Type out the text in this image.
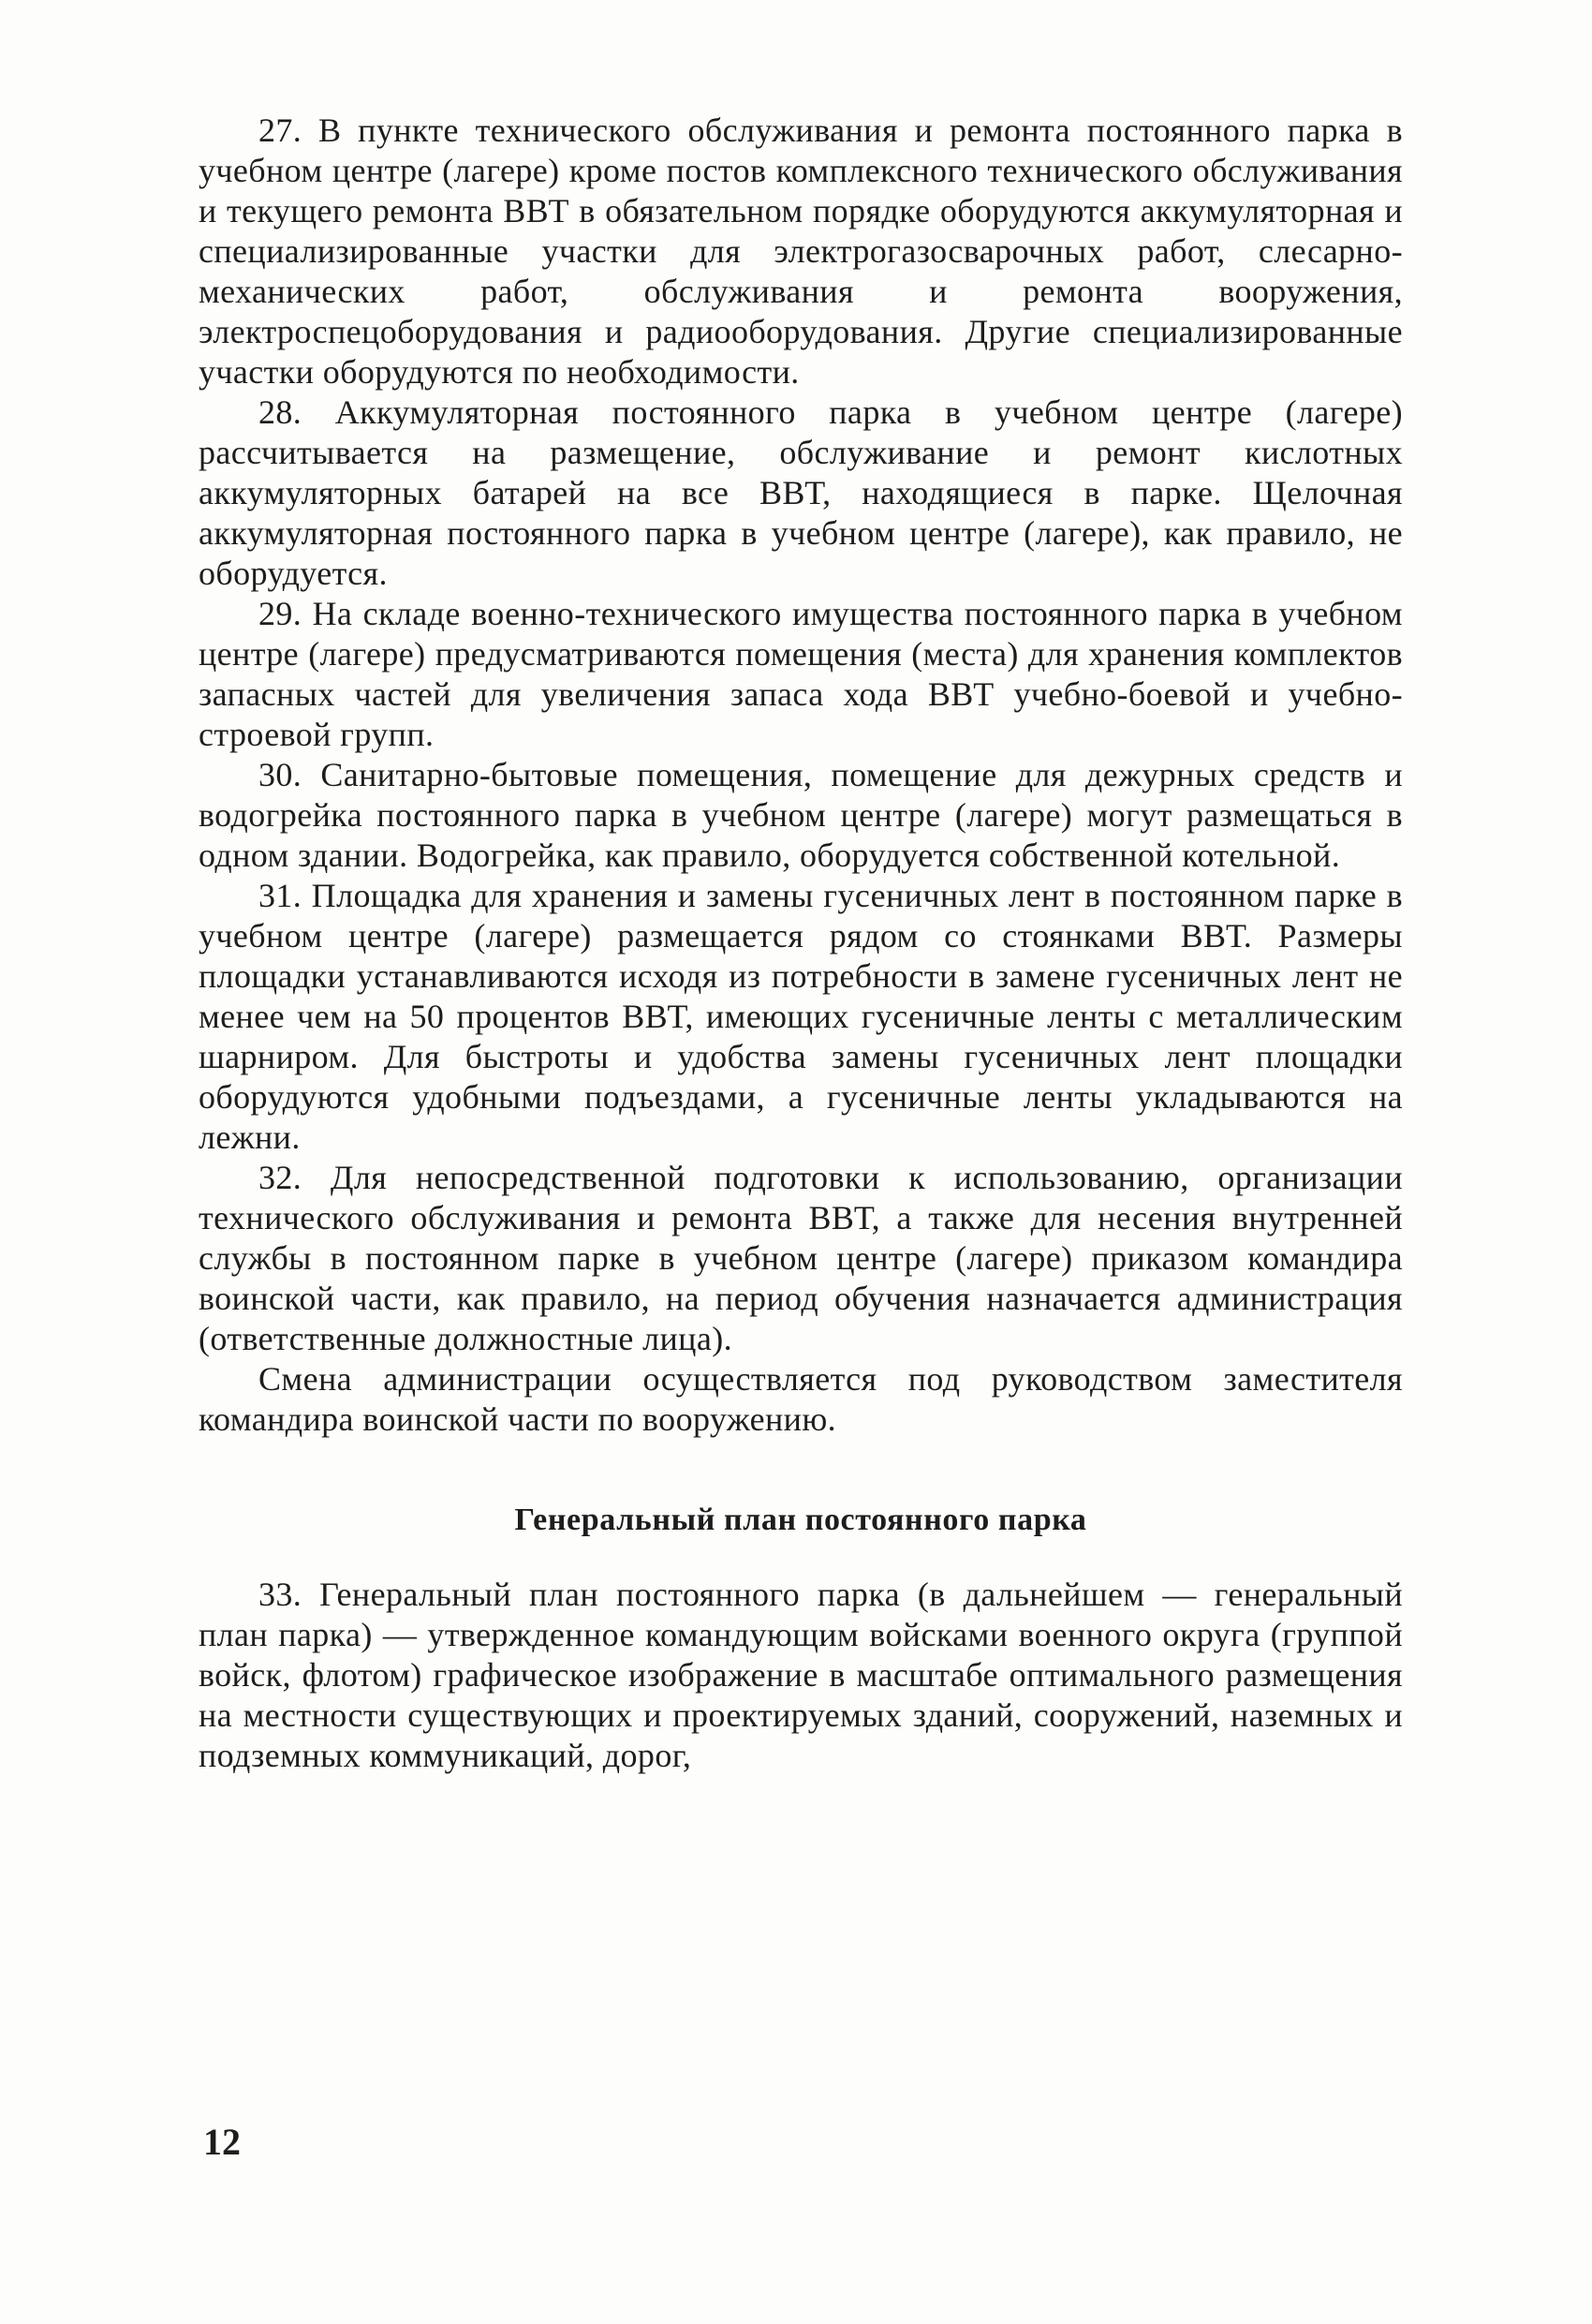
27. В пункте технического обслуживания и ремонта постоянного парка в учебном центре (лагере) кроме постов комплексного технического обслуживания и текущего ремонта ВВТ в обязательном порядке оборудуются аккумуляторная и специализированные участки для электрогазосварочных работ, слесарно-механических работ, обслуживания и ремонта вооружения, электроспецоборудования и радиооборудования. Другие специализированные участки оборудуются по необходимости.

28. Аккумуляторная постоянного парка в учебном центре (лагере) рассчитывается на размещение, обслуживание и ремонт кислотных аккумуляторных батарей на все ВВТ, находящиеся в парке. Щелочная аккумуляторная постоянного парка в учебном центре (лагере), как правило, не оборудуется.

29. На складе военно-технического имущества постоянного парка в учебном центре (лагере) предусматриваются помещения (места) для хранения комплектов запасных частей для увеличения запаса хода ВВТ учебно-боевой и учебно-строевой групп.

30. Санитарно-бытовые помещения, помещение для дежурных средств и водогрейка постоянного парка в учебном центре (лагере) могут размещаться в одном здании. Водогрейка, как правило, оборудуется собственной котельной.

31. Площадка для хранения и замены гусеничных лент в постоянном парке в учебном центре (лагере) размещается рядом со стоянками ВВТ. Размеры площадки устанавливаются исходя из потребности в замене гусеничных лент не менее чем на 50 процентов ВВТ, имеющих гусеничные ленты с металлическим шарниром. Для быстроты и удобства замены гусеничных лент площадки оборудуются удобными подъездами, а гусеничные ленты укладываются на лежни.

32. Для непосредственной подготовки к использованию, организации технического обслуживания и ремонта ВВТ, а также для несения внутренней службы в постоянном парке в учебном центре (лагере) приказом командира воинской части, как правило, на период обучения назначается администрация (ответственные должностные лица).

Смена администрации осуществляется под руководством заместителя командира воинской части по вооружению.

Генеральный план постоянного парка

33. Генеральный план постоянного парка (в дальнейшем — генеральный план парка) — утвержденное командующим войсками военного округа (группой войск, флотом) графическое изображение в масштабе оптимального размещения на местности существующих и проектируемых зданий, сооружений, наземных и подземных коммуникаций, дорог,

12
